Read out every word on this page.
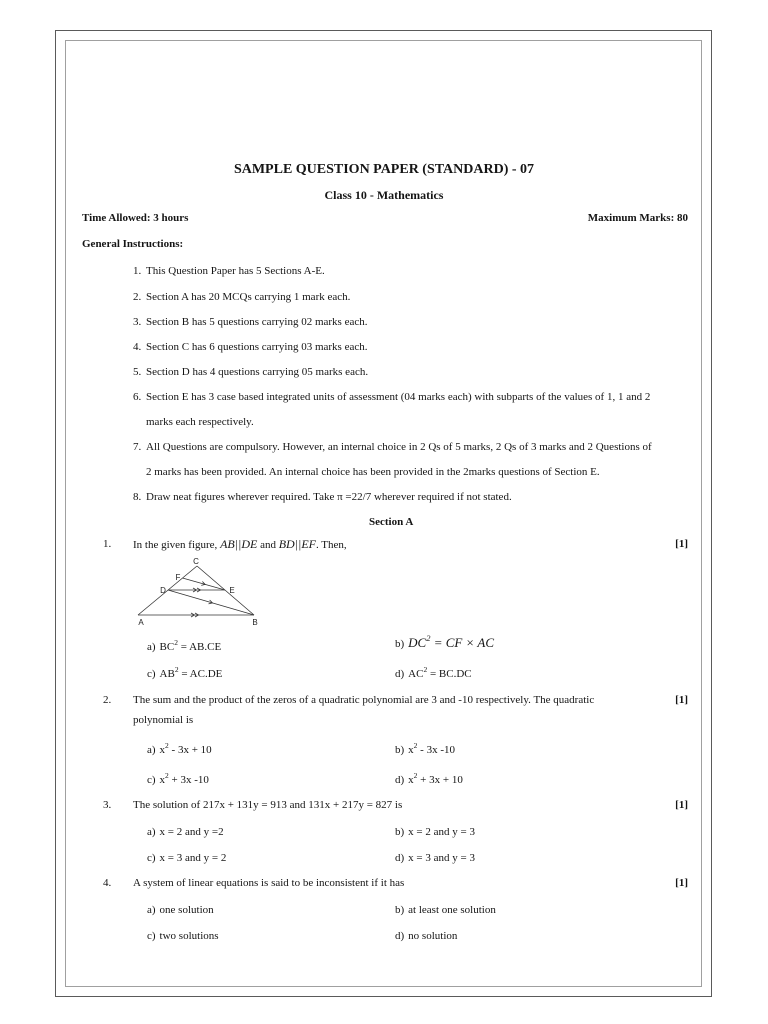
SAMPLE QUESTION PAPER (STANDARD) - 07
Class 10 - Mathematics
Time Allowed: 3 hours	Maximum Marks: 80
General Instructions:
1. This Question Paper has 5 Sections A-E.
2. Section A has 20 MCQs carrying 1 mark each.
3. Section B has 5 questions carrying 02 marks each.
4. Section C has 6 questions carrying 03 marks each.
5. Section D has 4 questions carrying 05 marks each.
6. Section E has 3 case based integrated units of assessment (04 marks each) with subparts of the values of 1, 1 and 2
marks each respectively.
7. All Questions are compulsory. However, an internal choice in 2 Qs of 5 marks, 2 Qs of 3 marks and 2 Questions of
2 marks has been provided. An internal choice has been provided in the 2marks questions of Section E.
8. Draw neat figures wherever required. Take π =22/7 wherever required if not stated.
Section A
1. In the given figure, AB||DE and BD||EF. Then,	[1]
C
F
D	E
A	B
a) $BC^2 = AB.CE$	b) $DC^2$ = CF × AC
c) $AB^2 = AC.DE$	d) $AC^2 = BC.DC$
2. The sum and the product of the zeros of a quadratic polynomial are 3 and -10 respectively. The quadratic
polynomial is
[1]
a) $x^2 - 3x + 10$	b) $x^2 - 3x$ -10
c) $x^2 + 3x$ -10	d) $x^2 + 3x + 10$
3. The solution of 217x + 131y = 913 and 131x + 217y = 827 is	[1]
a) x = 2 and y =2	b) x = 2 and y = 3
c) x = 3 and y = 2	d) x = 3 and y = 3
4. A system of linear equations is said to be inconsistent if it has	[1]
a) one solution	b) at least one solution
c) two solutions	d) no solution
